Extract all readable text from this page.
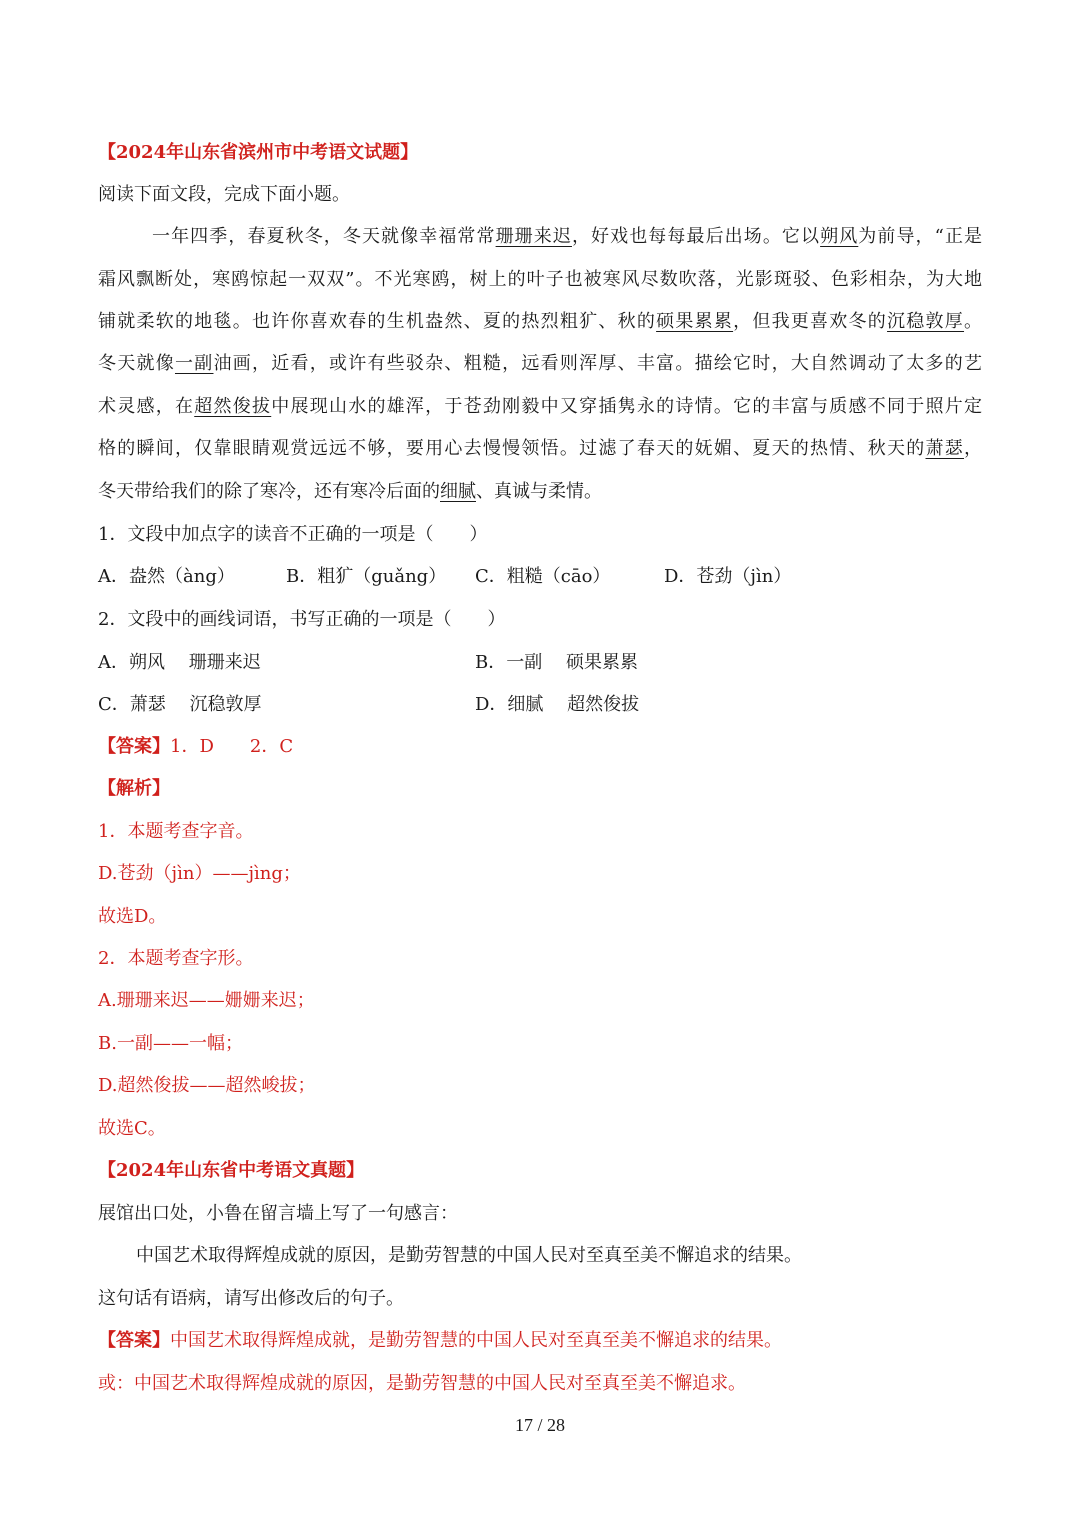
【2024年山东省滨州市中考语文试题】
阅读下面文段，完成下面小题。
一年四季，春夏秋冬，冬天就像幸福常常珊珊来迟，好戏也每每最后出场。它以朔风为前导，“正是
霜风飘断处，寒鸥惊起一双双”。不光寒鸥，树上的叶子也被寒风尽数吹落，光影斑驳、色彩相杂，为大地
铺就柔软的地毯。也许你喜欢春的生机盎然、夏的热烈粗犷、秋的硕果累累，但我更喜欢冬的沉稳敦厚。
冬天就像一副油画，近看，或许有些驳杂、粗糙，远看则浑厚、丰富。描绘它时，大自然调动了太多的艺
术灵感，在超然俊拔中展现山水的雄浑，于苍劲刚毅中又穿插隽永的诗情。它的丰富与质感不同于照片定
格的瞬间，仅靠眼睛观赏远远不够，要用心去慢慢领悟。过滤了春天的妩媚、夏天的热情、秋天的萧瑟，
冬天带给我们的除了寒冷，还有寒冷后面的细腻、真诚与柔情。
1．文段中加点字的读音不正确的一项是（　　）
A．盎然（àng）	B．粗犷（guǎng） C．粗糙（cāo）	D．苍劲（jìn）
2．文段中的画线词语，书写正确的一项是（　　）
A．朔风　 珊珊来迟	B．一副　 硕果累累
C．萧瑟　 沉稳敦厚	D．细腻　 超然俊拔
【答案】1．D　　2．C
【解析】
1．本题考查字音。
D.苍劲（jìn）——jìng；
故选D。
2．本题考查字形。
A.珊珊来迟——姗姗来迟；
B.一副——一幅；
D.超然俊拔——超然峻拔；
故选C。
【2024年山东省中考语文真题】
展馆出口处，小鲁在留言墙上写了一句感言：
中国艺术取得辉煌成就的原因，是勤劳智慧的中国人民对至真至美不懈追求的结果。
这句话有语病，请写出修改后的句子。
【答案】中国艺术取得辉煌成就，是勤劳智慧的中国人民对至真至美不懈追求的结果。
或：中国艺术取得辉煌成就的原因，是勤劳智慧的中国人民对至真至美不懈追求。
17 / 28
